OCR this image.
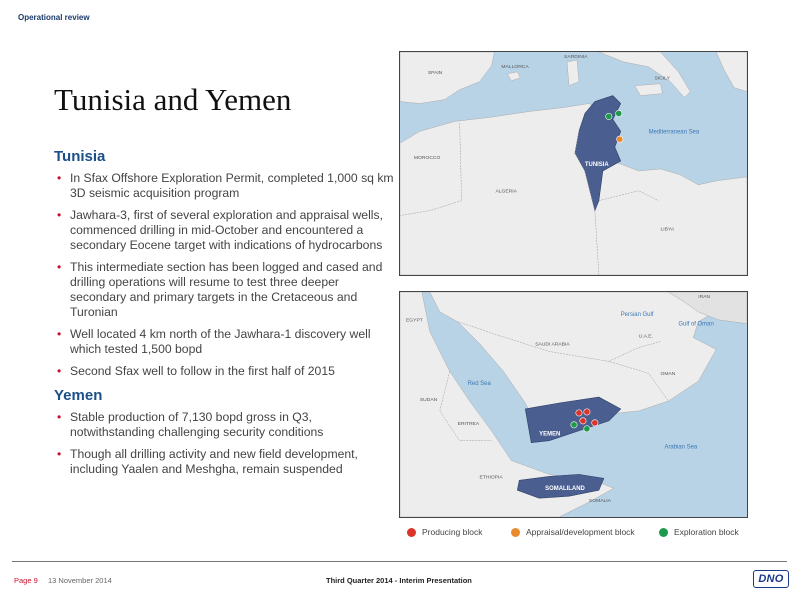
Operational review
Tunisia and Yemen
Tunisia
• In Sfax Offshore Exploration Permit, completed 1,000 sq km 3D seismic acquisition program
• Jawhara-3, first of several exploration and appraisal wells, commenced drilling in mid-October and encountered a secondary Eocene target with indications of hydrocarbons
• This intermediate section has been logged and cased and drilling operations will resume to test three deeper secondary and primary targets in the Cretaceous and Turonian
• Well located 4 km north of the Jawhara-1 discovery well which tested 1,500 bopd
• Second Sfax well to follow in the first half of 2015
Yemen
• Stable production of 7,130 bopd gross in Q3, notwithstanding challenging security conditions
• Though all drilling activity and new field development, including Yaalen and Meshgha, remain suspended
SPAIN
MALLORCA
SARDINIA
SICILY
MOROCCO
ALGERIA
TUNISIA
LIBYA
Mediterranean Sea
IRAN
EGYPT
Persian Gulf
U.A.E.
Gulf of Oman
SAUDI ARABIA
OMAN
Red Sea
SUDAN
ERITREA
YEMEN
Arabian Sea
ETHIOPIA
SOMALILAND
SOMALIA
Producing block	Appraisal/development block	Exploration block
Page 9 13 November 2014	Third Quarter 2014 - Interim Presentation	DNO
